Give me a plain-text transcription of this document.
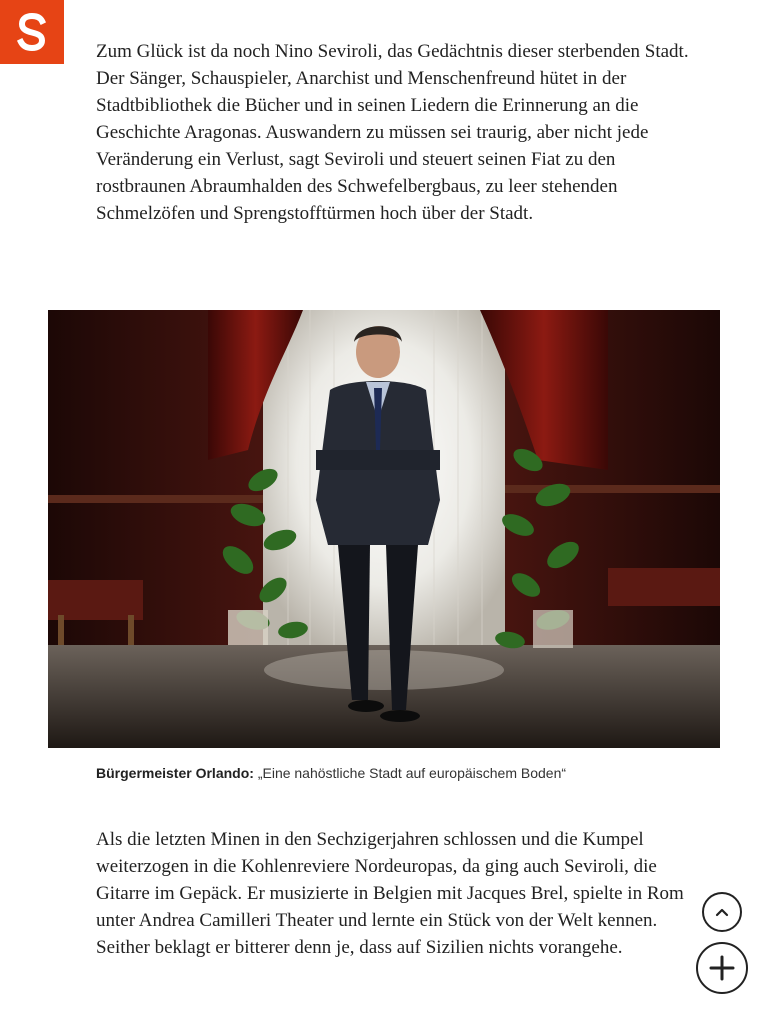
Zum Glück ist da noch Nino Seviroli, das Gedächtnis dieser sterbenden Stadt. Der Sänger, Schauspieler, Anarchist und Menschenfreund hütet in der Stadtbibliothek die Bücher und in seinen Liedern die Erinnerung an die Geschichte Aragonas. Auswandern zu müssen sei traurig, aber nicht jede Veränderung ein Verlust, sagt Seviroli und steuert seinen Fiat zu den rostbraunen Abraumhalden des Schwefelbergbaus, zu leer stehenden Schmelzöfen und Sprengstofftürmen hoch über der Stadt.

Bürgermeister Orlando: „Eine nahöstliche Stadt auf europäischem Boden“

Als die letzten Minen in den Sechzigerjahren schlossen und die Kumpel weiterzogen in die Kohlenreviere Nordeuropas, da ging auch Seviroli, die Gitarre im Gepäck. Er musizierte in Belgien mit Jacques Brel, spielte in Rom unter Andrea Camilleri Theater und lernte ein Stück von der Welt kennen. Seither beklagt er bitterer denn je, dass auf Sizilien nichts vorangehe.
